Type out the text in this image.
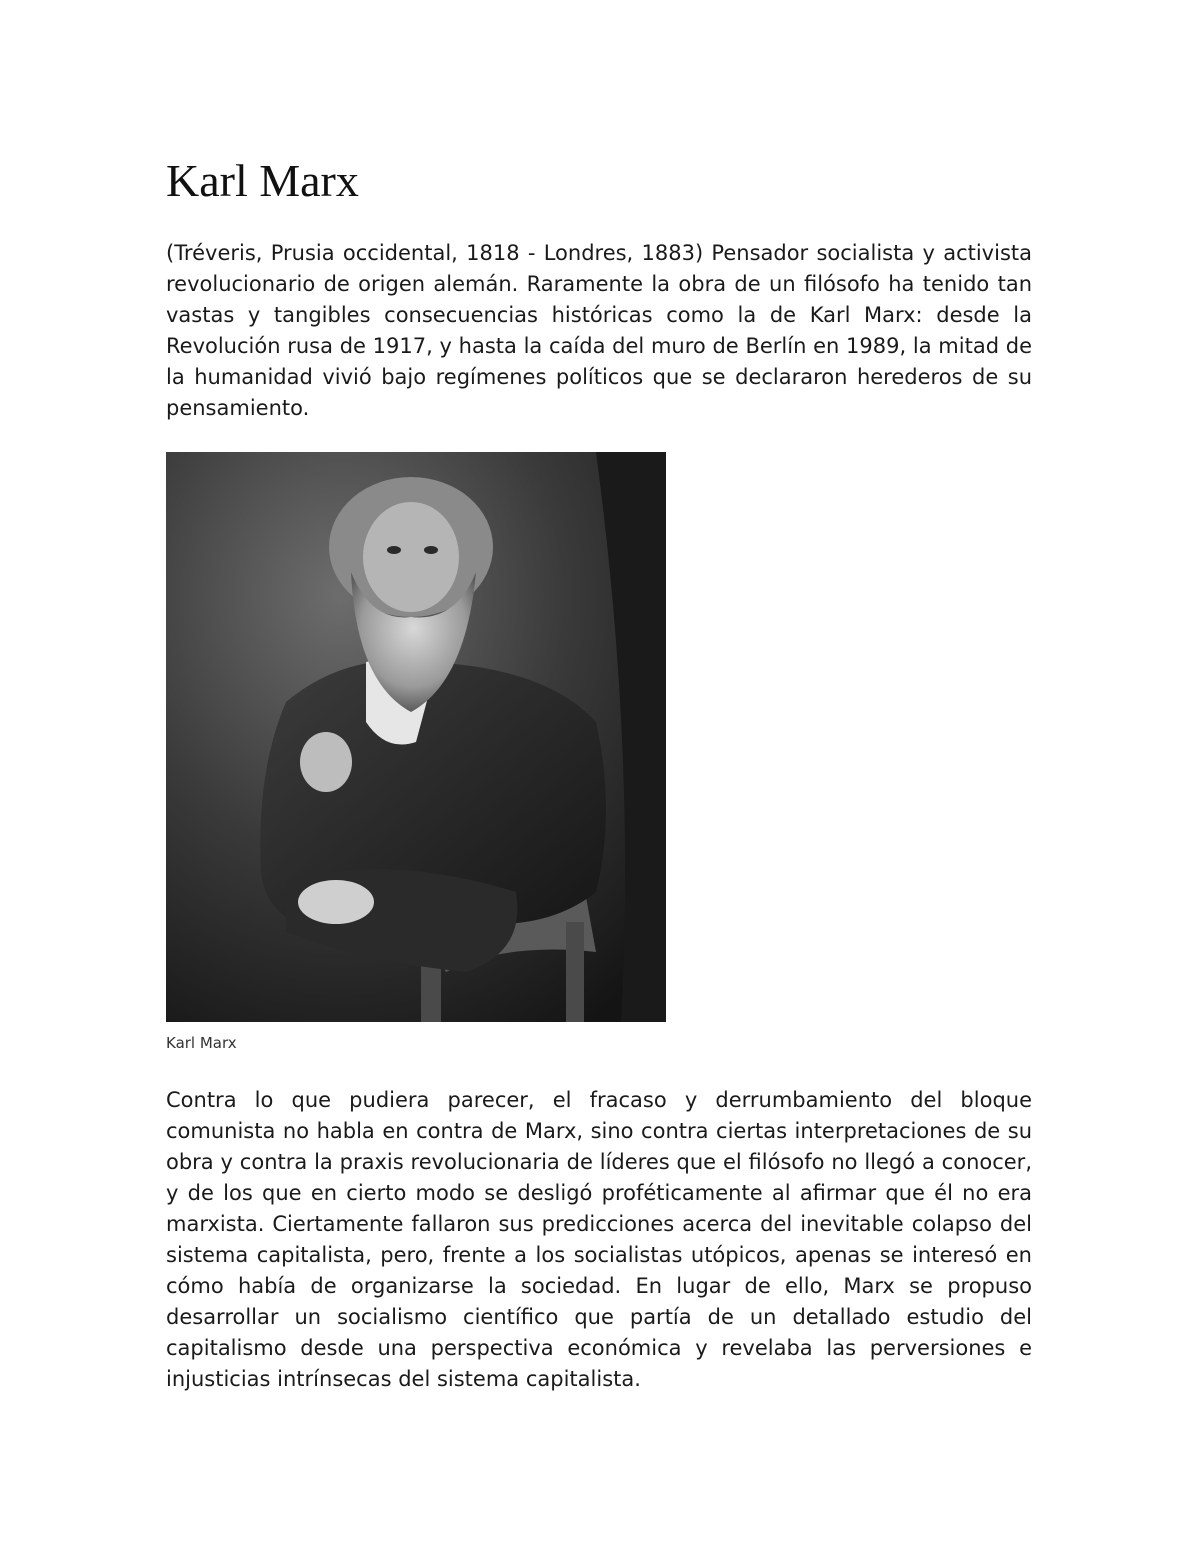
Karl Marx

(Tréveris, Prusia occidental, 1818 - Londres, 1883) Pensador socialista y activista revolucionario de origen alemán. Raramente la obra de un filósofo ha tenido tan vastas y tangibles consecuencias históricas como la de Karl Marx: desde la Revolución rusa de 1917, y hasta la caída del muro de Berlín en 1989, la mitad de la humanidad vivió bajo regímenes políticos que se declararon herederos de su pensamiento.

Karl Marx

Contra lo que pudiera parecer, el fracaso y derrumbamiento del bloque comunista no habla en contra de Marx, sino contra ciertas interpretaciones de su obra y contra la praxis revolucionaria de líderes que el filósofo no llegó a conocer, y de los que en cierto modo se desligó proféticamente al afirmar que él no era marxista. Ciertamente fallaron sus predicciones acerca del inevitable colapso del sistema capitalista, pero, frente a los socialistas utópicos, apenas se interesó en cómo había de organizarse la sociedad. En lugar de ello, Marx se propuso desarrollar un socialismo científico que partía de un detallado estudio del capitalismo desde una perspectiva económica y revelaba las perversiones e injusticias intrínsecas del sistema capitalista.
